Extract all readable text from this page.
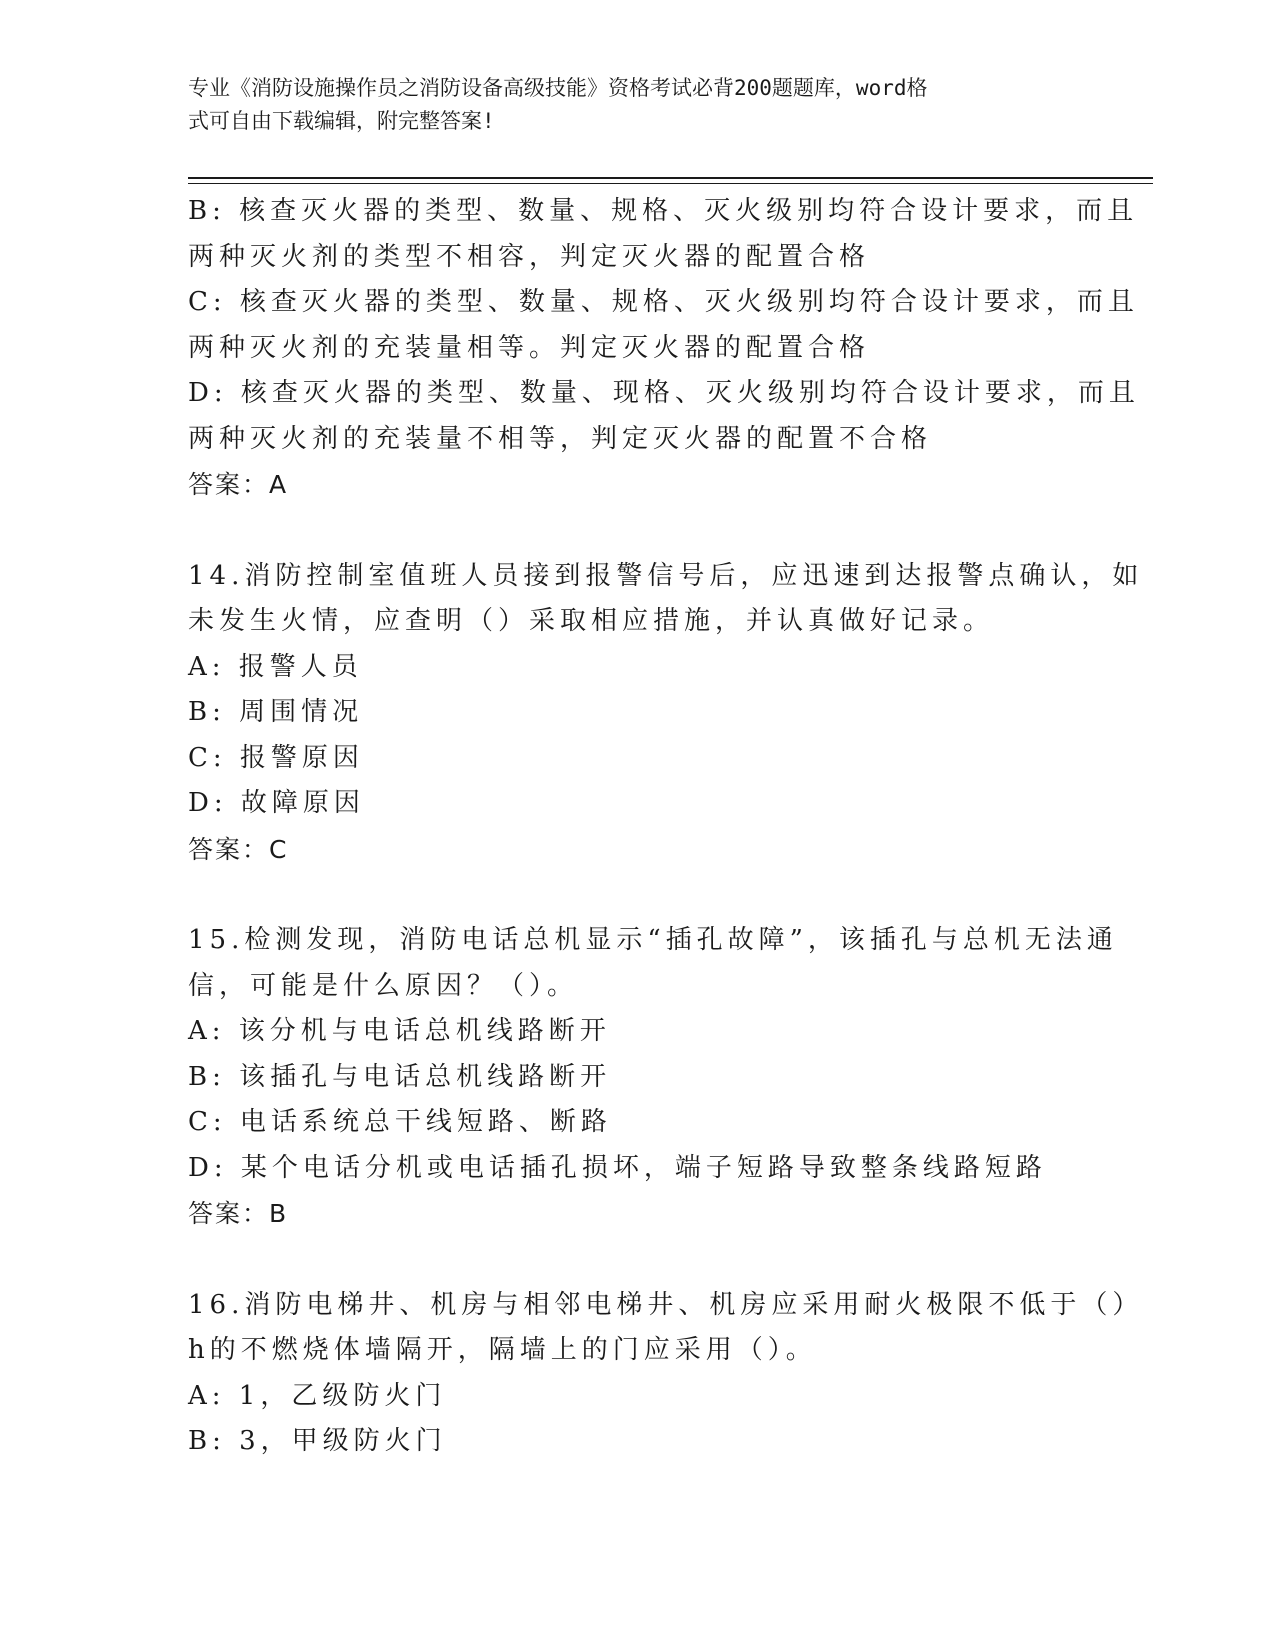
专业《消防设施操作员之消防设备高级技能》资格考试必背200题题库，word格
式可自由下载编辑，附完整答案!
B: 核查灭火器的类型、数量、规格、灭火级别均符合设计要求，而且
两种灭火剂的类型不相容，判定灭火器的配置合格
C: 核查灭火器的类型、数量、规格、灭火级别均符合设计要求，而且
两种灭火剂的充装量相等。判定灭火器的配置合格
D: 核查灭火器的类型、数量、现格、灭火级别均符合设计要求，而且
两种灭火剂的充装量不相等，判定灭火器的配置不合格
答案：A
14.消防控制室值班人员接到报警信号后，应迅速到达报警点确认，如
未发生火情，应查明（）采取相应措施，并认真做好记录。
A: 报警人员
B: 周围情况
C: 报警原因
D: 故障原因
答案：C
15.检测发现，消防电话总机显示“插孔故障”，该插孔与总机无法通
信，可能是什么原因？（）。
A: 该分机与电话总机线路断开
B: 该插孔与电话总机线路断开
C: 电话系统总干线短路、断路
D: 某个电话分机或电话插孔损坏，端子短路导致整条线路短路
答案：B
16.消防电梯井、机房与相邻电梯井、机房应采用耐火极限不低于（）
h的不燃烧体墙隔开，隔墙上的门应采用（）。
A: 1，乙级防火门
B: 3，甲级防火门
